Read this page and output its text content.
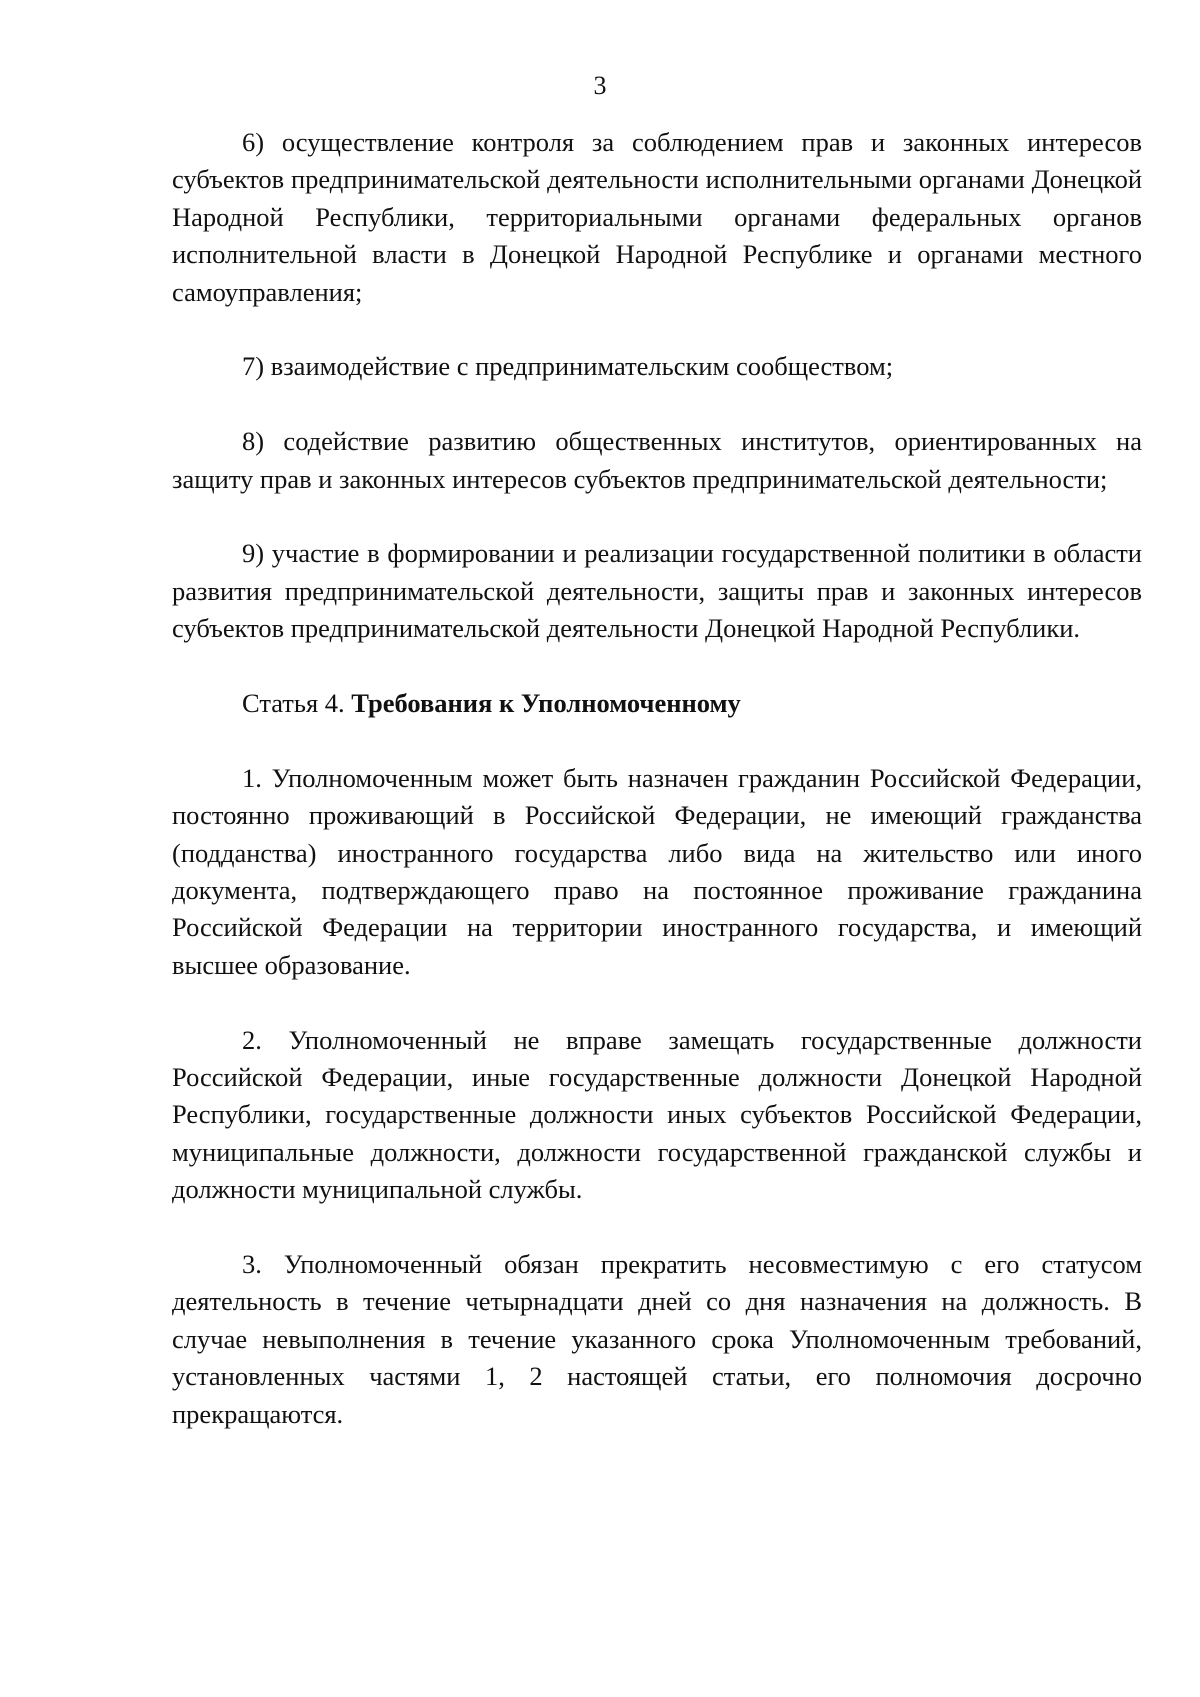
3

6) осуществление контроля за соблюдением прав и законных интересов субъектов предпринимательской деятельности исполнительными органами Донецкой Народной Республики, территориальными органами федеральных органов исполнительной власти в Донецкой Народной Республике и органами местного самоуправления;

7) взаимодействие с предпринимательским сообществом;

8) содействие развитию общественных институтов, ориентированных на защиту прав и законных интересов субъектов предпринимательской деятельности;

9) участие в формировании и реализации государственной политики в области развития предпринимательской деятельности, защиты прав и законных интересов субъектов предпринимательской деятельности Донецкой Народной Республики.

Статья 4. Требования к Уполномоченному

1. Уполномоченным может быть назначен гражданин Российской Федерации, постоянно проживающий в Российской Федерации, не имеющий гражданства (подданства) иностранного государства либо вида на жительство или иного документа, подтверждающего право на постоянное проживание гражданина Российской Федерации на территории иностранного государства, и имеющий высшее образование.

2. Уполномоченный не вправе замещать государственные должности Российской Федерации, иные государственные должности Донецкой Народной Республики, государственные должности иных субъектов Российской Федерации, муниципальные должности, должности государственной гражданской службы и должности муниципальной службы.

3. Уполномоченный обязан прекратить несовместимую с его статусом деятельность в течение четырнадцати дней со дня назначения на должность. В случае невыполнения в течение указанного срока Уполномоченным требований, установленных частями 1, 2 настоящей статьи, его полномочия досрочно прекращаются.
